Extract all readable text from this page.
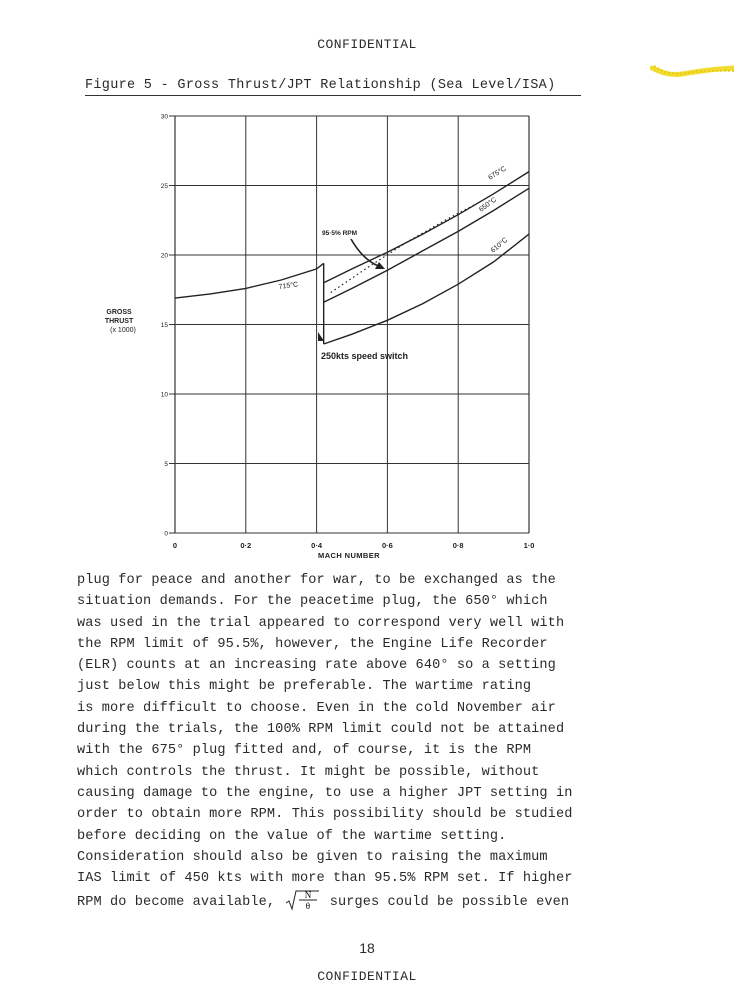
CONFIDENTIAL
Figure 5 - Gross Thrust/JPT Relationship (Sea Level/ISA)
0	0·2	0·4	0·6	0·8	1·0
0
5
10
15
20
25
30
MACH NUMBER
GROSS THRUST (x 1000)
715°C
675°C
650°C
610°C
95·5% RPM
250kts speed switch
plug for peace and another for war, to be exchanged as the
situation demands. For the peacetime plug, the 650° which
was used in the trial appeared to correspond very well with
the RPM limit of 95.5%, however, the Engine Life Recorder
(ELR) counts at an increasing rate above 640° so a setting
just below this might be preferable. The wartime rating
is more difficult to choose. Even in the cold November air
during the trials, the 100% RPM limit could not be attained
with the 675° plug fitted and, of course, it is the RPM
which controls the thrust. It might be possible, without
causing damage to the engine, to use a higher JPT setting in
order to obtain more RPM. This possibility should be studied
before deciding on the value of the wartime setting.
Consideration should also be given to raising the maximum
IAS limit of 450 kts with more than 95.5% RPM set. If higher
RPM do become available,	N
θ surges could be possible even
18
CONFIDENTIAL
